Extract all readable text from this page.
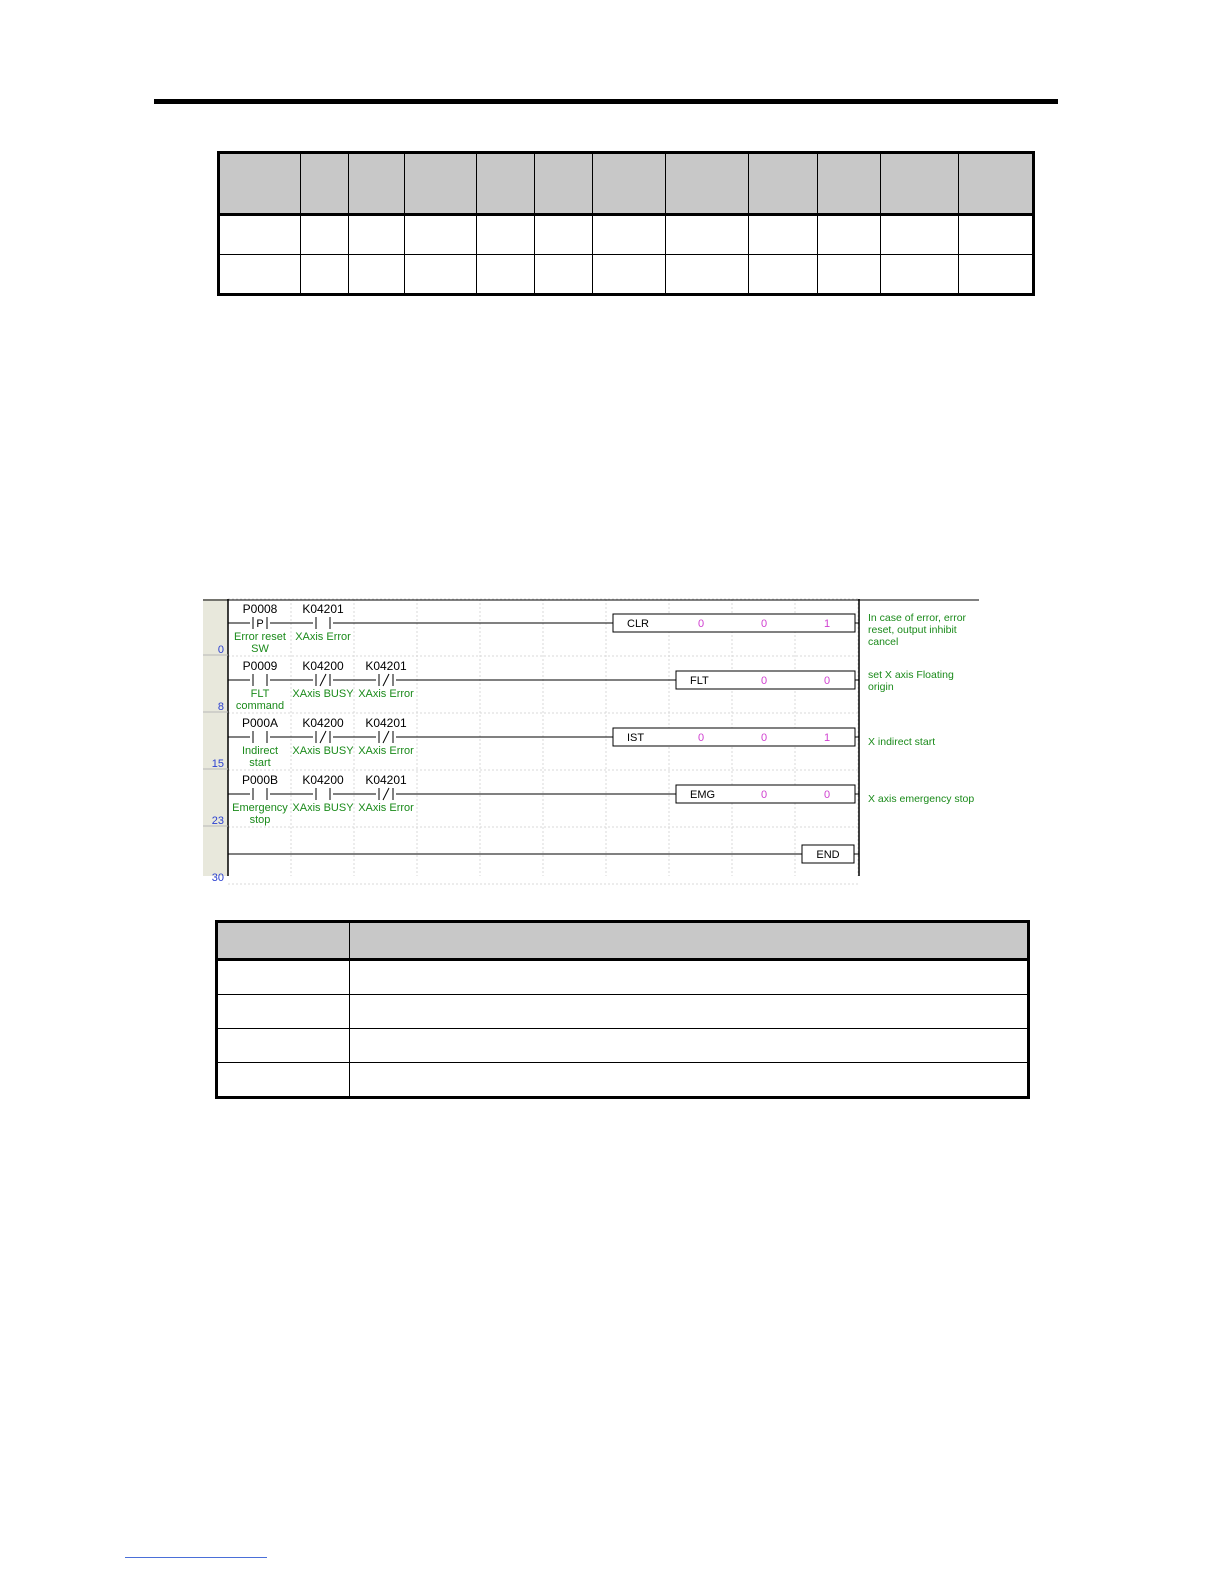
0
P
P0008
Error reset
SW
K04201
XAxis Error
CLR	0	0	1	In case of error, error
reset, output inhibit
cancel
8
P0009
FLT
command
K04200
XAxis BUSY
K04201
XAxis Error
FLT	0	0	set X axis Floating
origin
15
P000A
Indirect
start
K04200
XAxis BUSY
K04201
XAxis Error
IST	0	0	1	X indirect start
23
P000B
Emergency
stop
K04200
XAxis BUSY
K04201
XAxis Error
EMG	0	0	X axis emergency stop
30
END
